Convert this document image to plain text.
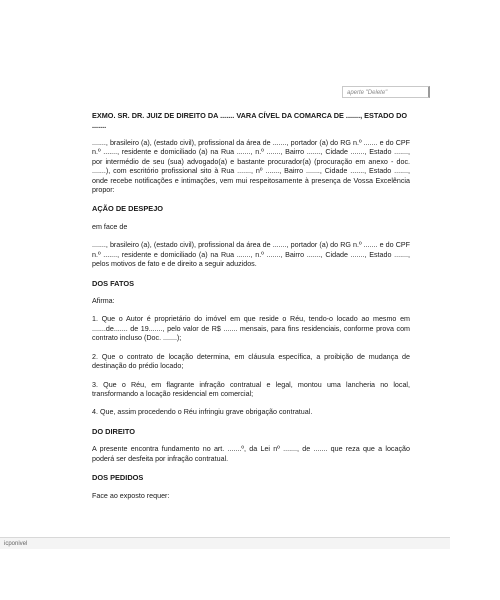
aperte "Delete"
EXMO. SR. DR. JUIZ DE DIREITO DA ....... VARA CÍVEL DA COMARCA DE ......., ESTADO DO .......

......., brasileiro (a), (estado civil), profissional da área de ......., portador (a) do RG n.º ....... e do CPF n.º ......., residente e domiciliado (a) na Rua ......., n.º ......., Bairro ......., Cidade ......., Estado ......., por intermédio de seu (sua) advogado(a) e bastante procurador(a) (procuração em anexo - doc. .......), com escritório profissional sito à Rua ......., nº ......., Bairro ......., Cidade ......., Estado ......., onde recebe notificações e intimações, vem mui respeitosamente à presença de Vossa Excelência propor:

AÇÃO DE DESPEJO

em face de

......., brasileiro (a), (estado civil), profissional da área de ......., portador (a) do RG n.º ....... e do CPF n.º ......., residente e domiciliado (a) na Rua ......., n.º ......., Bairro ......., Cidade ......., Estado ......., pelos motivos de fato e de direito a seguir aduzidos.

DOS FATOS

Afirma:

1. Que o Autor é proprietário do imóvel em que reside o Réu, tendo-o locado ao mesmo em .......de....... de 19......., pelo valor de R$ ....... mensais, para fins residenciais, conforme prova com contrato incluso (Doc. .......);

2. Que o contrato de locação determina, em cláusula específica, a proibição de mudança de destinação do prédio locado;

3. Que o Réu, em flagrante infração contratual e legal, montou uma lancheria no local, transformando a locação residencial em comercial;

4. Que, assim procedendo o Réu infringiu grave obrigação contratual.

DO DIREITO

A presente encontra fundamento no art. .......º, da Lei nº ......., de ....... que reza que a locação poderá ser desfeita por infração contratual.

DOS PEDIDOS

Face ao exposto requer:

icponivel
